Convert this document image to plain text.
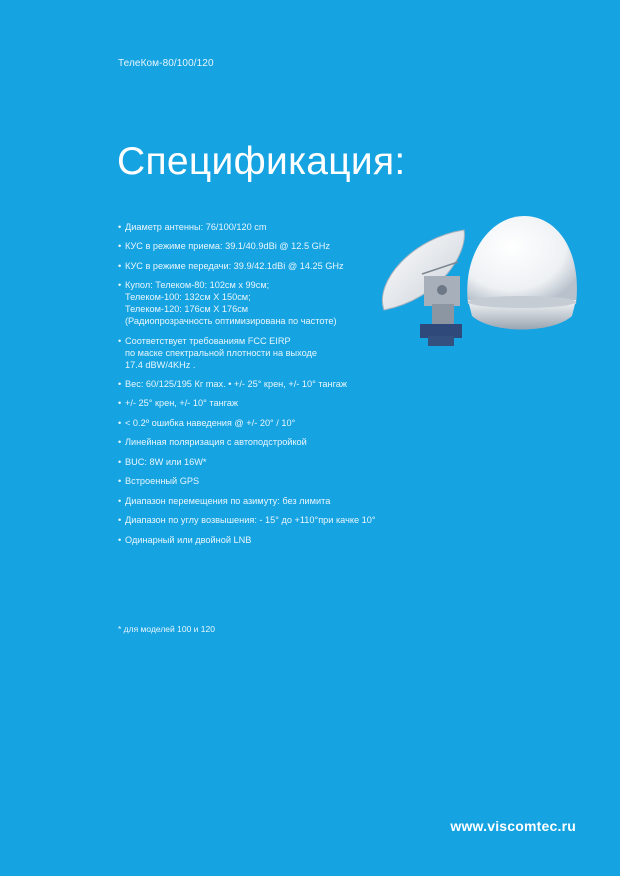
ТелеКом-80/100/120
Спецификация:
• Диаметр антенны: 76/100/120 cm
• КУС в режиме приема: 39.1/40.9dBi @ 12.5 GHz
• КУС в режиме передачи: 39.9/42.1dBi @ 14.25 GHz
• Купол: Телеком-80: 102см x 99см;
Телеком-100: 132см X 150см;
Телеком-120: 176см X 176см
(Радиопрозрачность оптимизирована по частоте)
• Соответствует требованиям FCC EIRP
по маске спектральной плотности на выходе
17.4 dBW/4KHz .
• Вес: 60/125/195 Кг max. • +/- 25° крен, +/- 10° тангаж
• +/- 25° крен, +/- 10° тангаж
• < 0.2º ошибка наведения @ +/- 20° / 10°
• Линейная поляризация с автоподстройкой
• BUC: 8W или 16W*
• Встроенный GPS
• Диапазон перемещения по азимуту: без лимита
• Диапазон по углу возвышения: - 15° до +110°при качке 10°
• Одинарный или двойной LNB
* для моделей 100 и 120
www.viscomtec.ru
